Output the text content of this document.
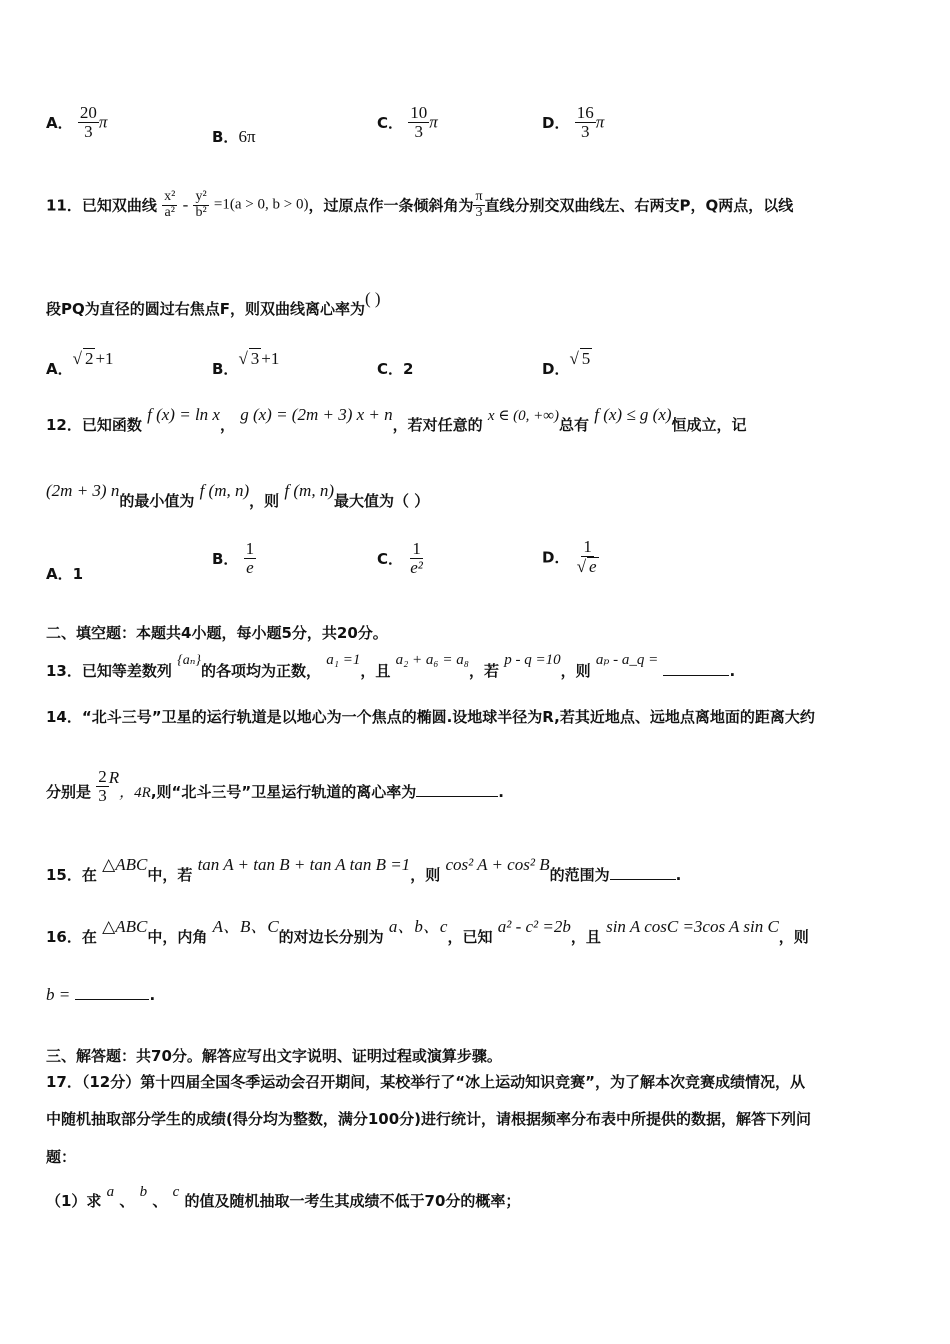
A． $\frac{20}{3}$ π
B．6π
C． $\frac{10}{3}$ π	D． $\frac{16}{3}$ π
11．已知双曲线 $\frac{\text{x²}}{\text{a²}} - \frac{\text{y²}}{\text{b²}} =1(a > 0$, b > 0)，过原点作一条倾斜角为 $\frac{\pi}{3}$ 直线分别交双曲线左、右两支P，Q两点，以线
段PQ为直径的圆过右焦点F，则双曲线离心率为( )
A．√ 2 +1
B．√ 3 +1
C．2	D．√ 5
12．已知函数 f (x) = ln x， g (x) = (2m + 3) x + n，若对任意的 x ∈ (0, +∞)总有 f (x) ≤ g (x)恒成立，记
(2m + 3) n的最小值为 f (m, n)，则 f (m, n)最大值为（ ）
A．1
B． $\frac{1}{e}$	C． $\frac{1}{\text{e²}}$	D． $\frac{1}{√ e}$
二、填空题：本题共4小题，每小题5分，共20分。
13．已知等差数列 {aₙ}的各项均为正数， a₁ =1，且 a₂ + a₆ = a₈，若 p - q =10，则 aₚ - a_q = .
14．“北斗三号”卫星的运行轨道是以地心为一个焦点的椭圆.设地球半径为R,若其近地点、远地点离地面的距离大约
分别是 $\frac{2}{3}$ R，4R,则“北斗三号”卫星运行轨道的离心率为	.
15．在 △ABC中，若 tan A + tan B + tan A tan B =1，则 cos² A + cos² B的范围为	.
16．在 △ABC中，内角 A、B、C的对边长分别为 a、b、c，已知 a² - c² =2b，且 sin A cosC =3cos A sin C，则
b =	.
三、解答题：共70分。解答应写出文字说明、证明过程或演算步骤。
17．（12分）第十四届全国冬季运动会召开期间，某校举行了“冰上运动知识竞赛”，为了解本次竞赛成绩情况，从
中随机抽取部分学生的成绩(得分均为整数，满分100分)进行统计，请根据频率分布表中所提供的数据，解答下列问
题：
（1）求 a 、 b 、 c 的值及随机抽取一考生其成绩不低于70分的概率；
